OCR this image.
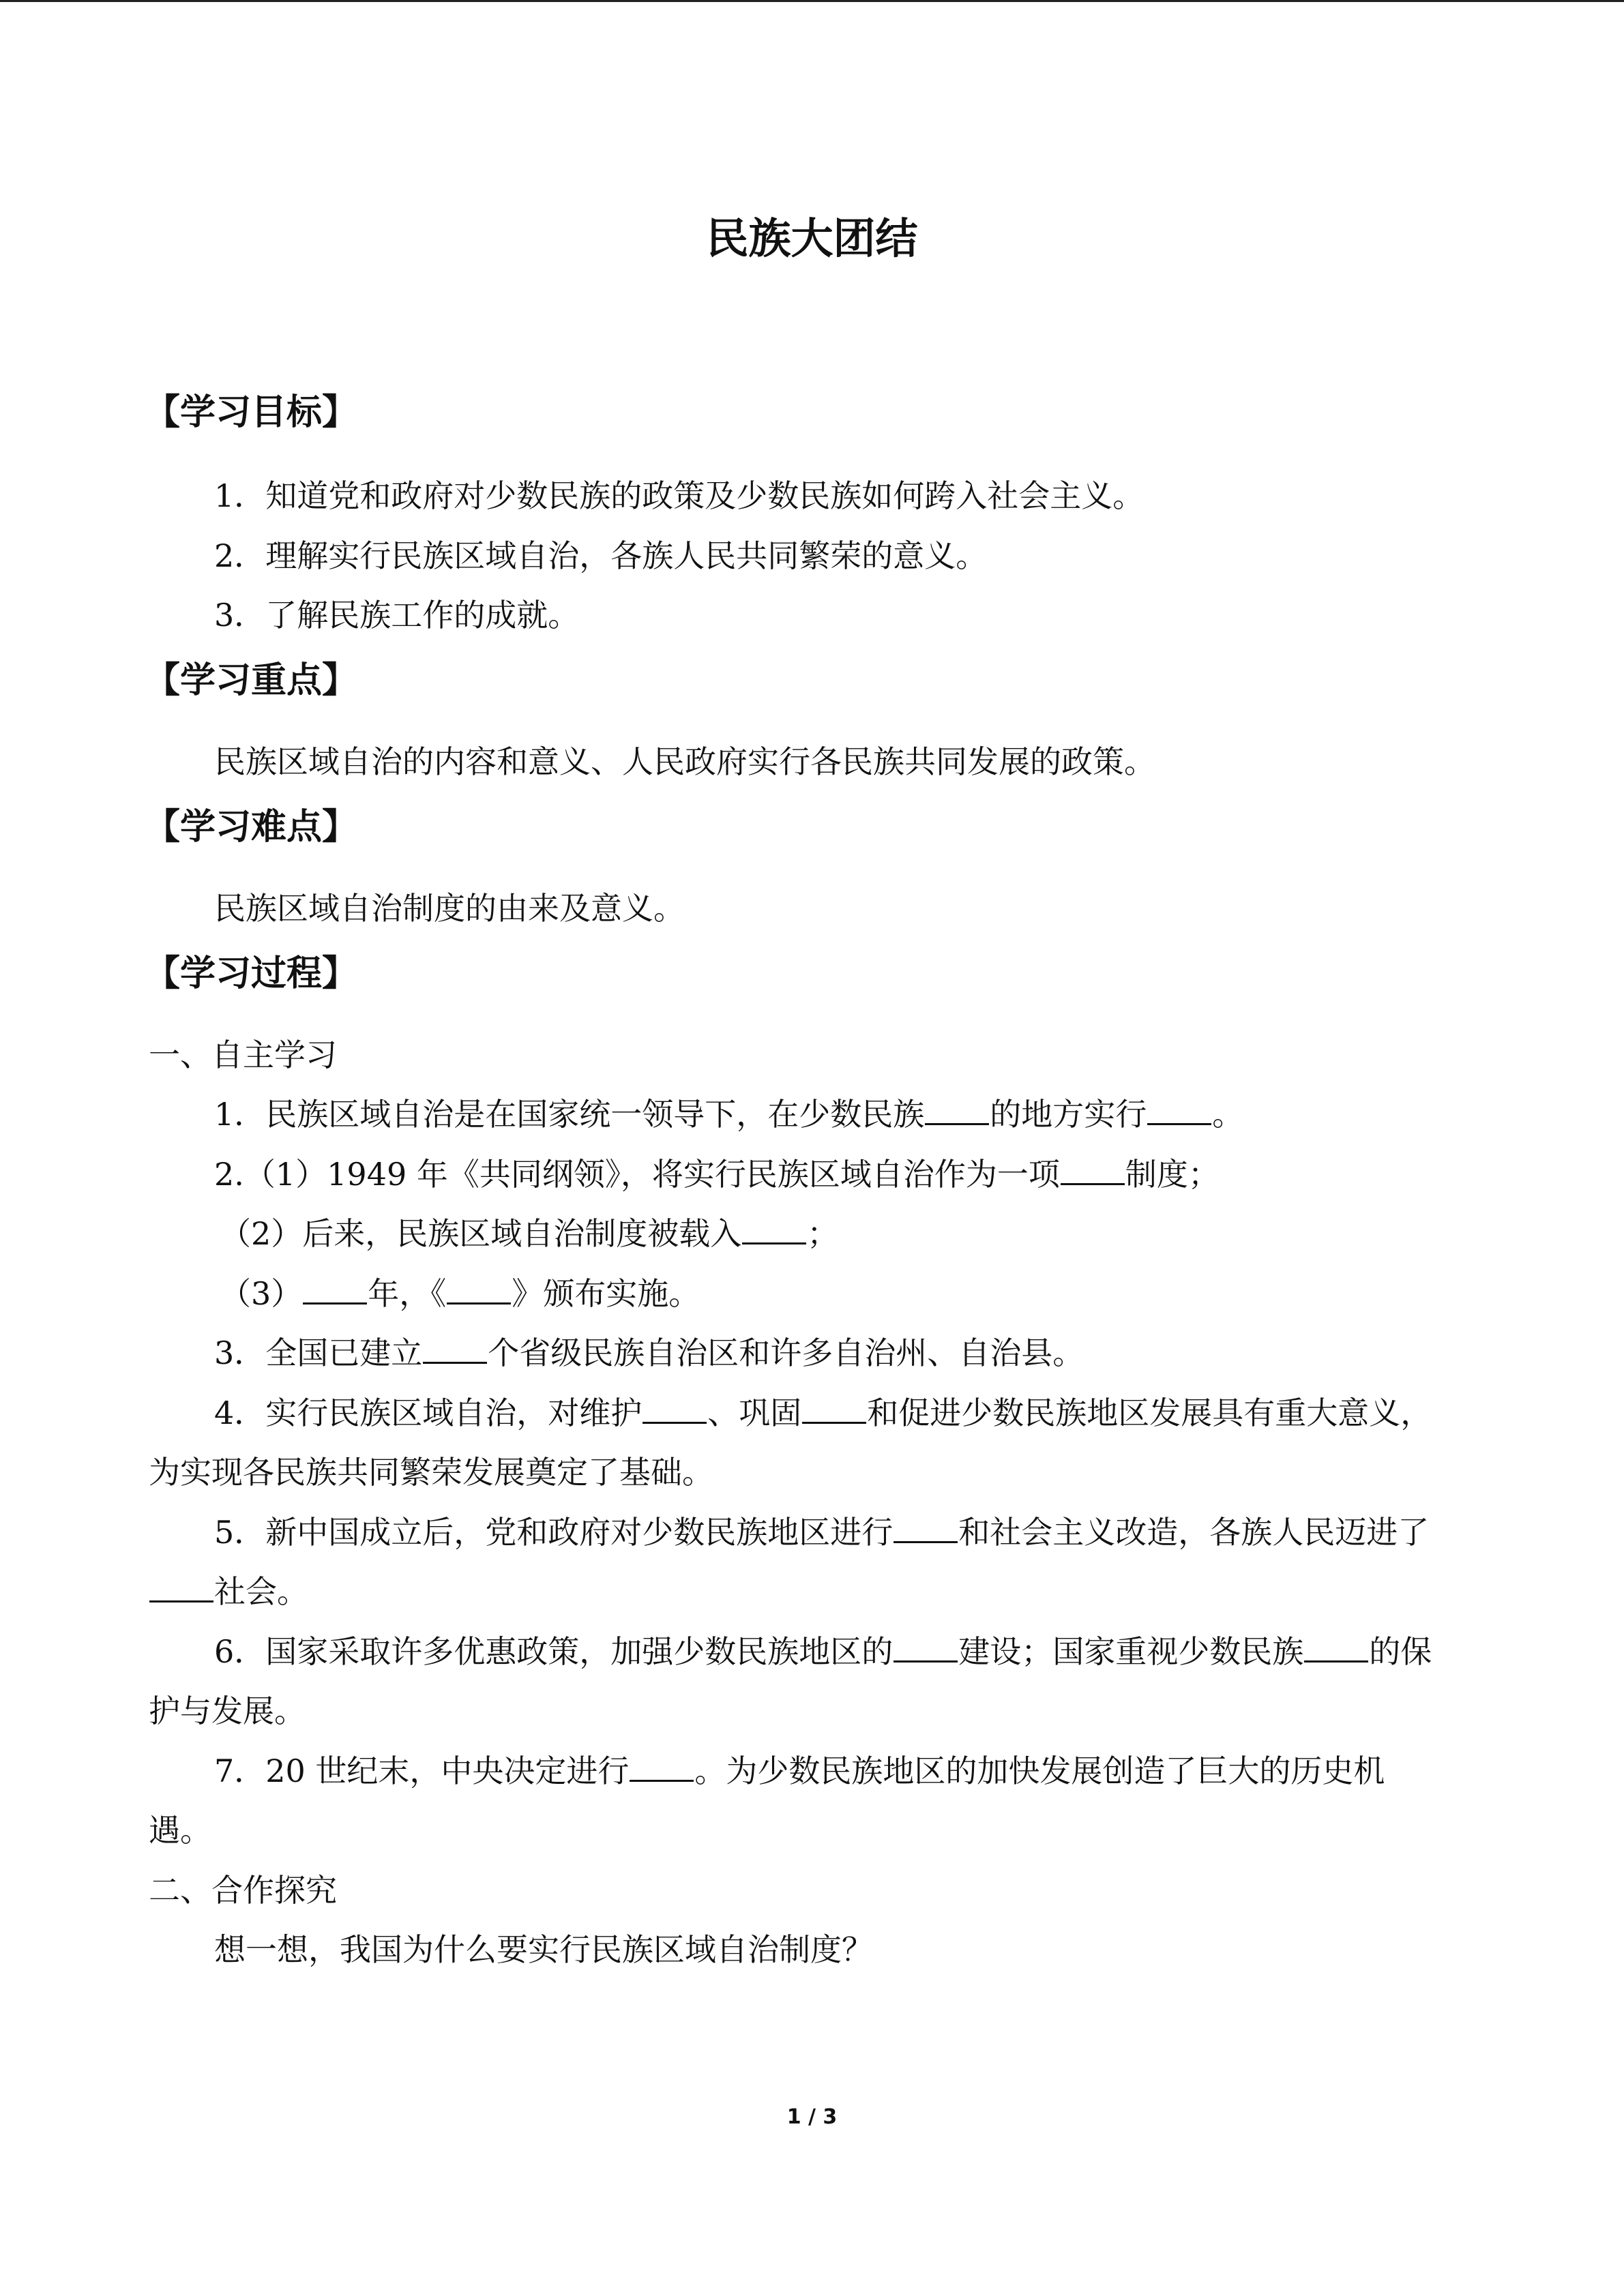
民族大团结
【学习目标】
1．知道党和政府对少数民族的政策及少数民族如何跨入社会主义。
2．理解实行民族区域自治，各族人民共同繁荣的意义。
3．了解民族工作的成就。
【学习重点】
民族区域自治的内容和意义、人民政府实行各民族共同发展的政策。
【学习难点】
民族区域自治制度的由来及意义。
【学习过程】
一、自主学习
1．民族区域自治是在国家统一领导下，在少数民族 的地方实行 。
2.（1）1949 年《共同纲领》，将实行民族区域自治作为一项 制度；
（2）后来，民族区域自治制度被载入 ；
（3） 年，《 》颁布实施。
3．全国已建立 个省级民族自治区和许多自治州、自治县。
4．实行民族区域自治，对维护 、巩固 和促进少数民族地区发展具有重大意义，
为实现各民族共同繁荣发展奠定了基础。
5．新中国成立后，党和政府对少数民族地区进行 和社会主义改造，各族人民迈进了
社会。
6．国家采取许多优惠政策，加强少数民族地区的 建设；国家重视少数民族 的保
护与发展。
7．20 世纪末，中央决定进行 。为少数民族地区的加快发展创造了巨大的历史机
遇。
二、合作探究
想一想，我国为什么要实行民族区域自治制度？
1 / 3
